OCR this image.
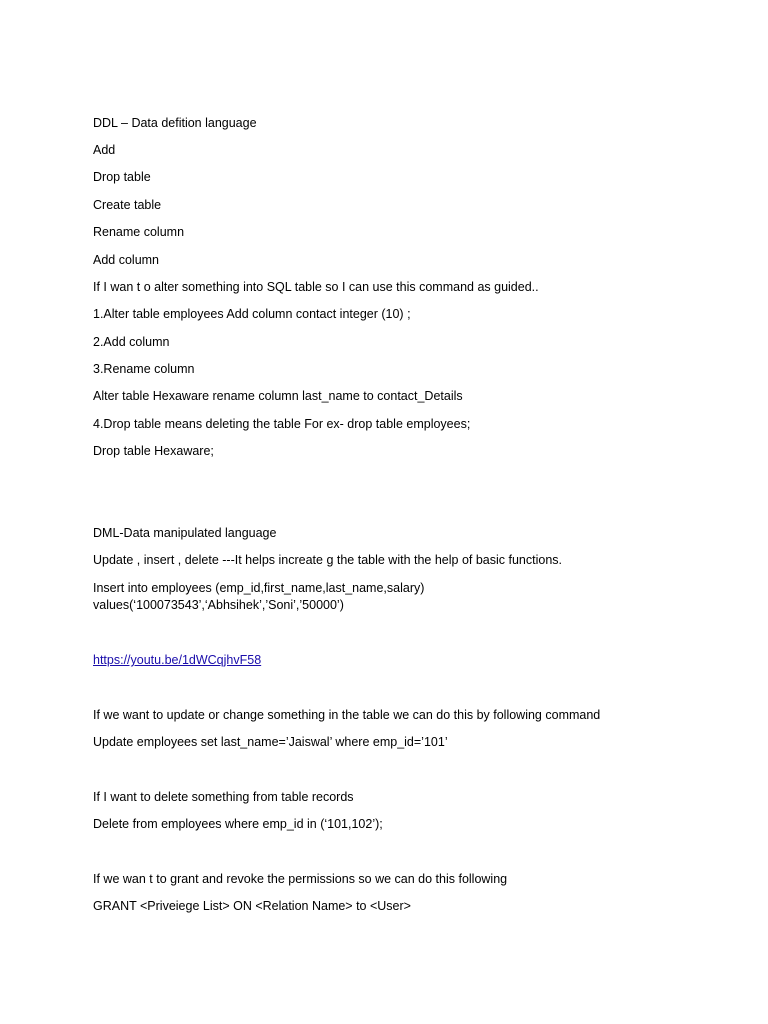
DDL – Data defition language
Add
Drop table
Create table
Rename column
Add column
If I wan t o alter something into SQL table so I can use this command as guided..
1.Alter table employees Add column contact integer (10) ;
2.Add column
3.Rename column
Alter table Hexaware rename column last_name to contact_Details
4.Drop table means deleting the table For ex- drop table employees;
Drop table Hexaware;
DML-Data manipulated language
Update , insert , delete ---It helps increate g the table with the help of basic functions.
Insert into employees (emp_id,first_name,last_name,salary)
values(‘100073543’,‘Abhsihek’,’Soni’,’50000’)
https://youtu.be/1dWCqjhvF58
If we want to update or change something in the table we can do this by following command
Update employees set last_name=’Jaiswal’ where emp_id=’101’
If I want to delete something from table records
Delete from employees where emp_id in (‘101,102’);
If we wan t to grant and revoke the permissions so we can do this following
GRANT <Priveiege List> ON <Relation Name> to <User>
